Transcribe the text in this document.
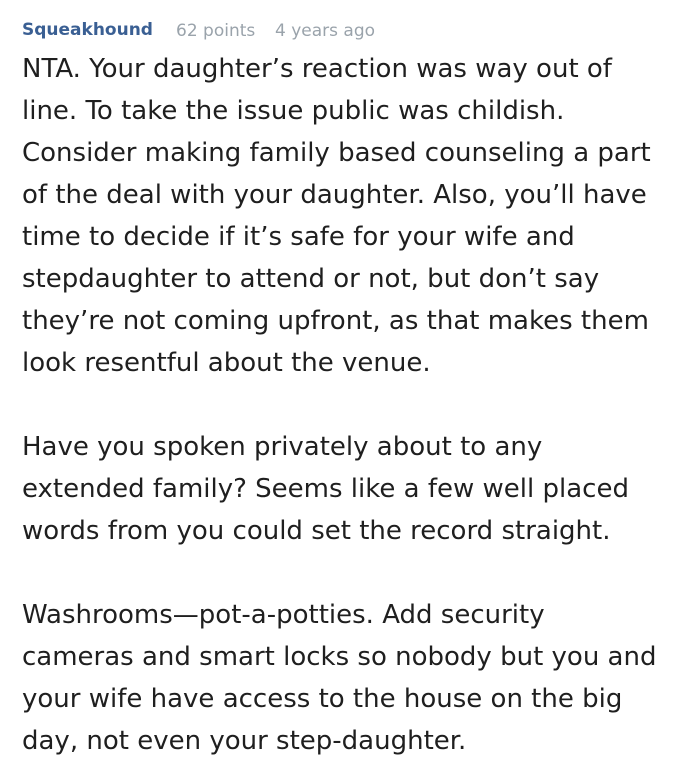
Squeakhound 62 points 4 years ago

NTA. Your daughter’s reaction was way out of
line. To take the issue public was childish.
Consider making family based counseling a part
of the deal with your daughter. Also, you’ll have
time to decide if it’s safe for your wife and
stepdaughter to attend or not, but don’t say
they’re not coming upfront, as that makes them
look resentful about the venue.

Have you spoken privately about to any
extended family? Seems like a few well placed
words from you could set the record straight.

Washrooms—pot-a-potties. Add security
cameras and smart locks so nobody but you and
your wife have access to the house on the big
day, not even your step-daughter.
